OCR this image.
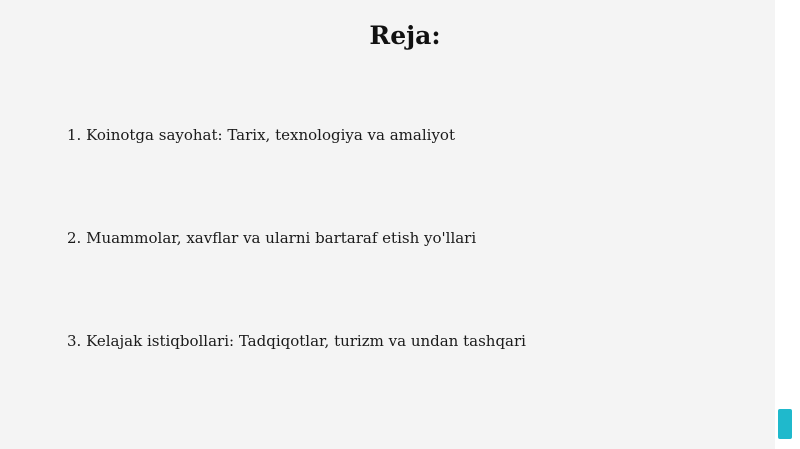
Reja:
1. Koinotga sayohat: Tarix, texnologiya va amaliyot
2. Muammolar, xavflar va ularni bartaraf etish yo'llari
3. Kelajak istiqbollari: Tadqiqotlar, turizm va undan tashqari
